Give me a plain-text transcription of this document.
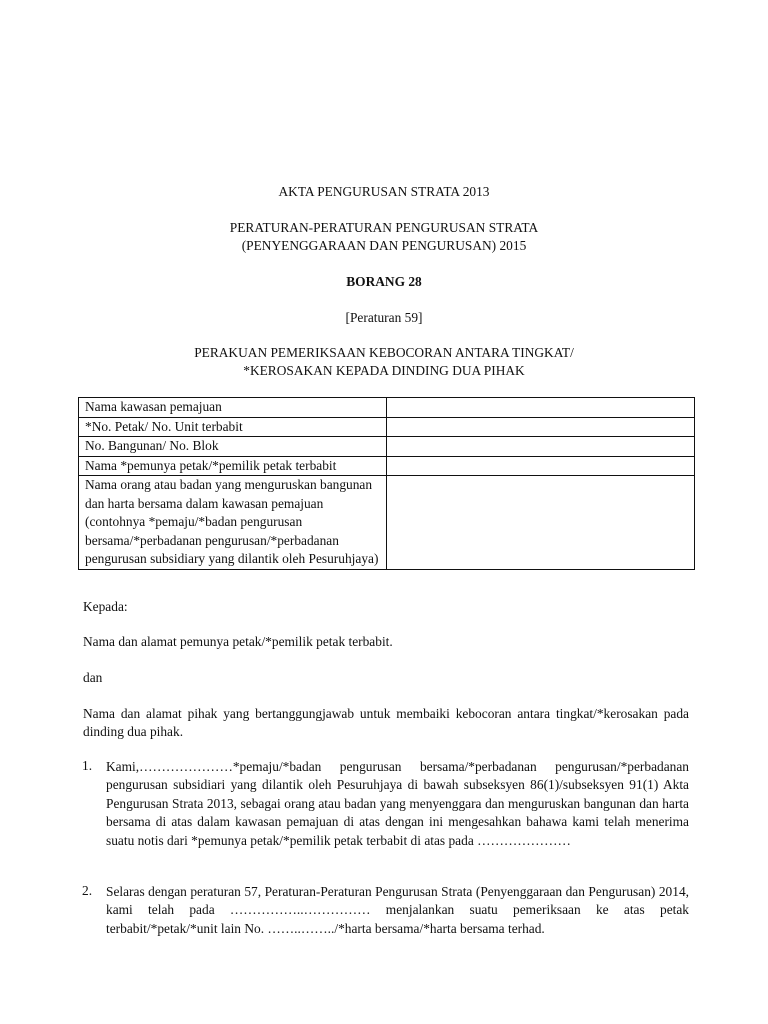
AKTA PENGURUSAN STRATA 2013
PERATURAN-PERATURAN PENGURUSAN STRATA
(PENYENGGARAAN DAN PENGURUSAN) 2015
BORANG 28
[Peraturan 59]
PERAKUAN PEMERIKSAAN KEBOCORAN ANTARA TINGKAT/
*KEROSAKAN KEPADA DINDING DUA PIHAK
Nama kawasan pemajuan	
*No. Petak/ No. Unit terbabit	
No. Bangunan/ No. Blok	
Nama *pemunya petak/*pemilik petak terbabit	
Nama orang atau badan yang menguruskan bangunan dan harta bersama dalam kawasan pemajuan (contohnya *pemaju/*badan pengurusan bersama/*perbadanan pengurusan/*perbadanan pengurusan subsidiary yang dilantik oleh Pesuruhjaya)	
Kepada:
Nama dan alamat pemunya petak/*pemilik petak terbabit.
dan
Nama dan alamat pihak yang bertanggungjawab untuk membaiki kebocoran antara tingkat/*kerosakan pada dinding dua pihak.
1. Kami,…………………*pemaju/*badan pengurusan bersama/*perbadanan pengurusan/*perbadanan pengurusan subsidiari yang dilantik oleh Pesuruhjaya di bawah subseksyen 86(1)/subseksyen 91(1) Akta Pengurusan Strata 2013, sebagai orang atau badan yang menyenggara dan menguruskan bangunan dan harta bersama di atas dalam kawasan pemajuan di atas dengan ini mengesahkan bahawa kami telah menerima suatu notis dari *pemunya petak/*pemilik petak terbabit di atas pada …………………
2. Selaras dengan peraturan 57, Peraturan-Peraturan Pengurusan Strata (Penyenggaraan dan Pengurusan) 2014, kami telah pada ……………..…………… menjalankan suatu pemeriksaan ke atas petak terbabit/*petak/*unit lain No. ……..……../*harta bersama/*harta bersama terhad.
